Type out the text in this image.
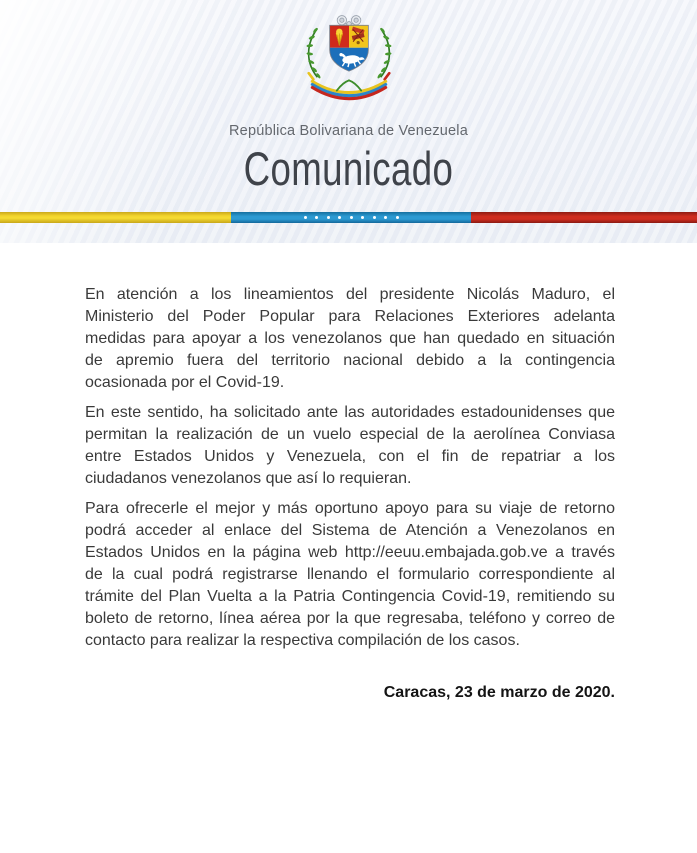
República Bolivariana de Venezuela
Comunicado
En atención a los lineamientos del presidente Nicolás Maduro, el
Ministerio del Poder Popular para Relaciones Exteriores adelanta
medidas para apoyar a los venezolanos que han quedado en situación
de apremio fuera del territorio nacional debido a la contingencia
ocasionada por el Covid-19.
En este sentido, ha solicitado ante las autoridades estadounidenses que
permitan la realización de un vuelo especial de la aerolínea Conviasa
entre Estados Unidos y Venezuela, con el fin de repatriar a los
ciudadanos venezolanos que así lo requieran.
Para ofrecerle el mejor y más oportuno apoyo para su viaje de retorno
podrá acceder al enlace del Sistema de Atención a Venezolanos en
Estados Unidos en la página web http://eeuu.embajada.gob.ve a través
de la cual podrá registrarse llenando el formulario correspondiente al
trámite del Plan Vuelta a la Patria Contingencia Covid-19, remitiendo su
boleto de retorno, línea aérea por la que regresaba, teléfono y correo de
contacto para realizar la respectiva compilación de los casos.

Caracas, 23 de marzo de 2020.
